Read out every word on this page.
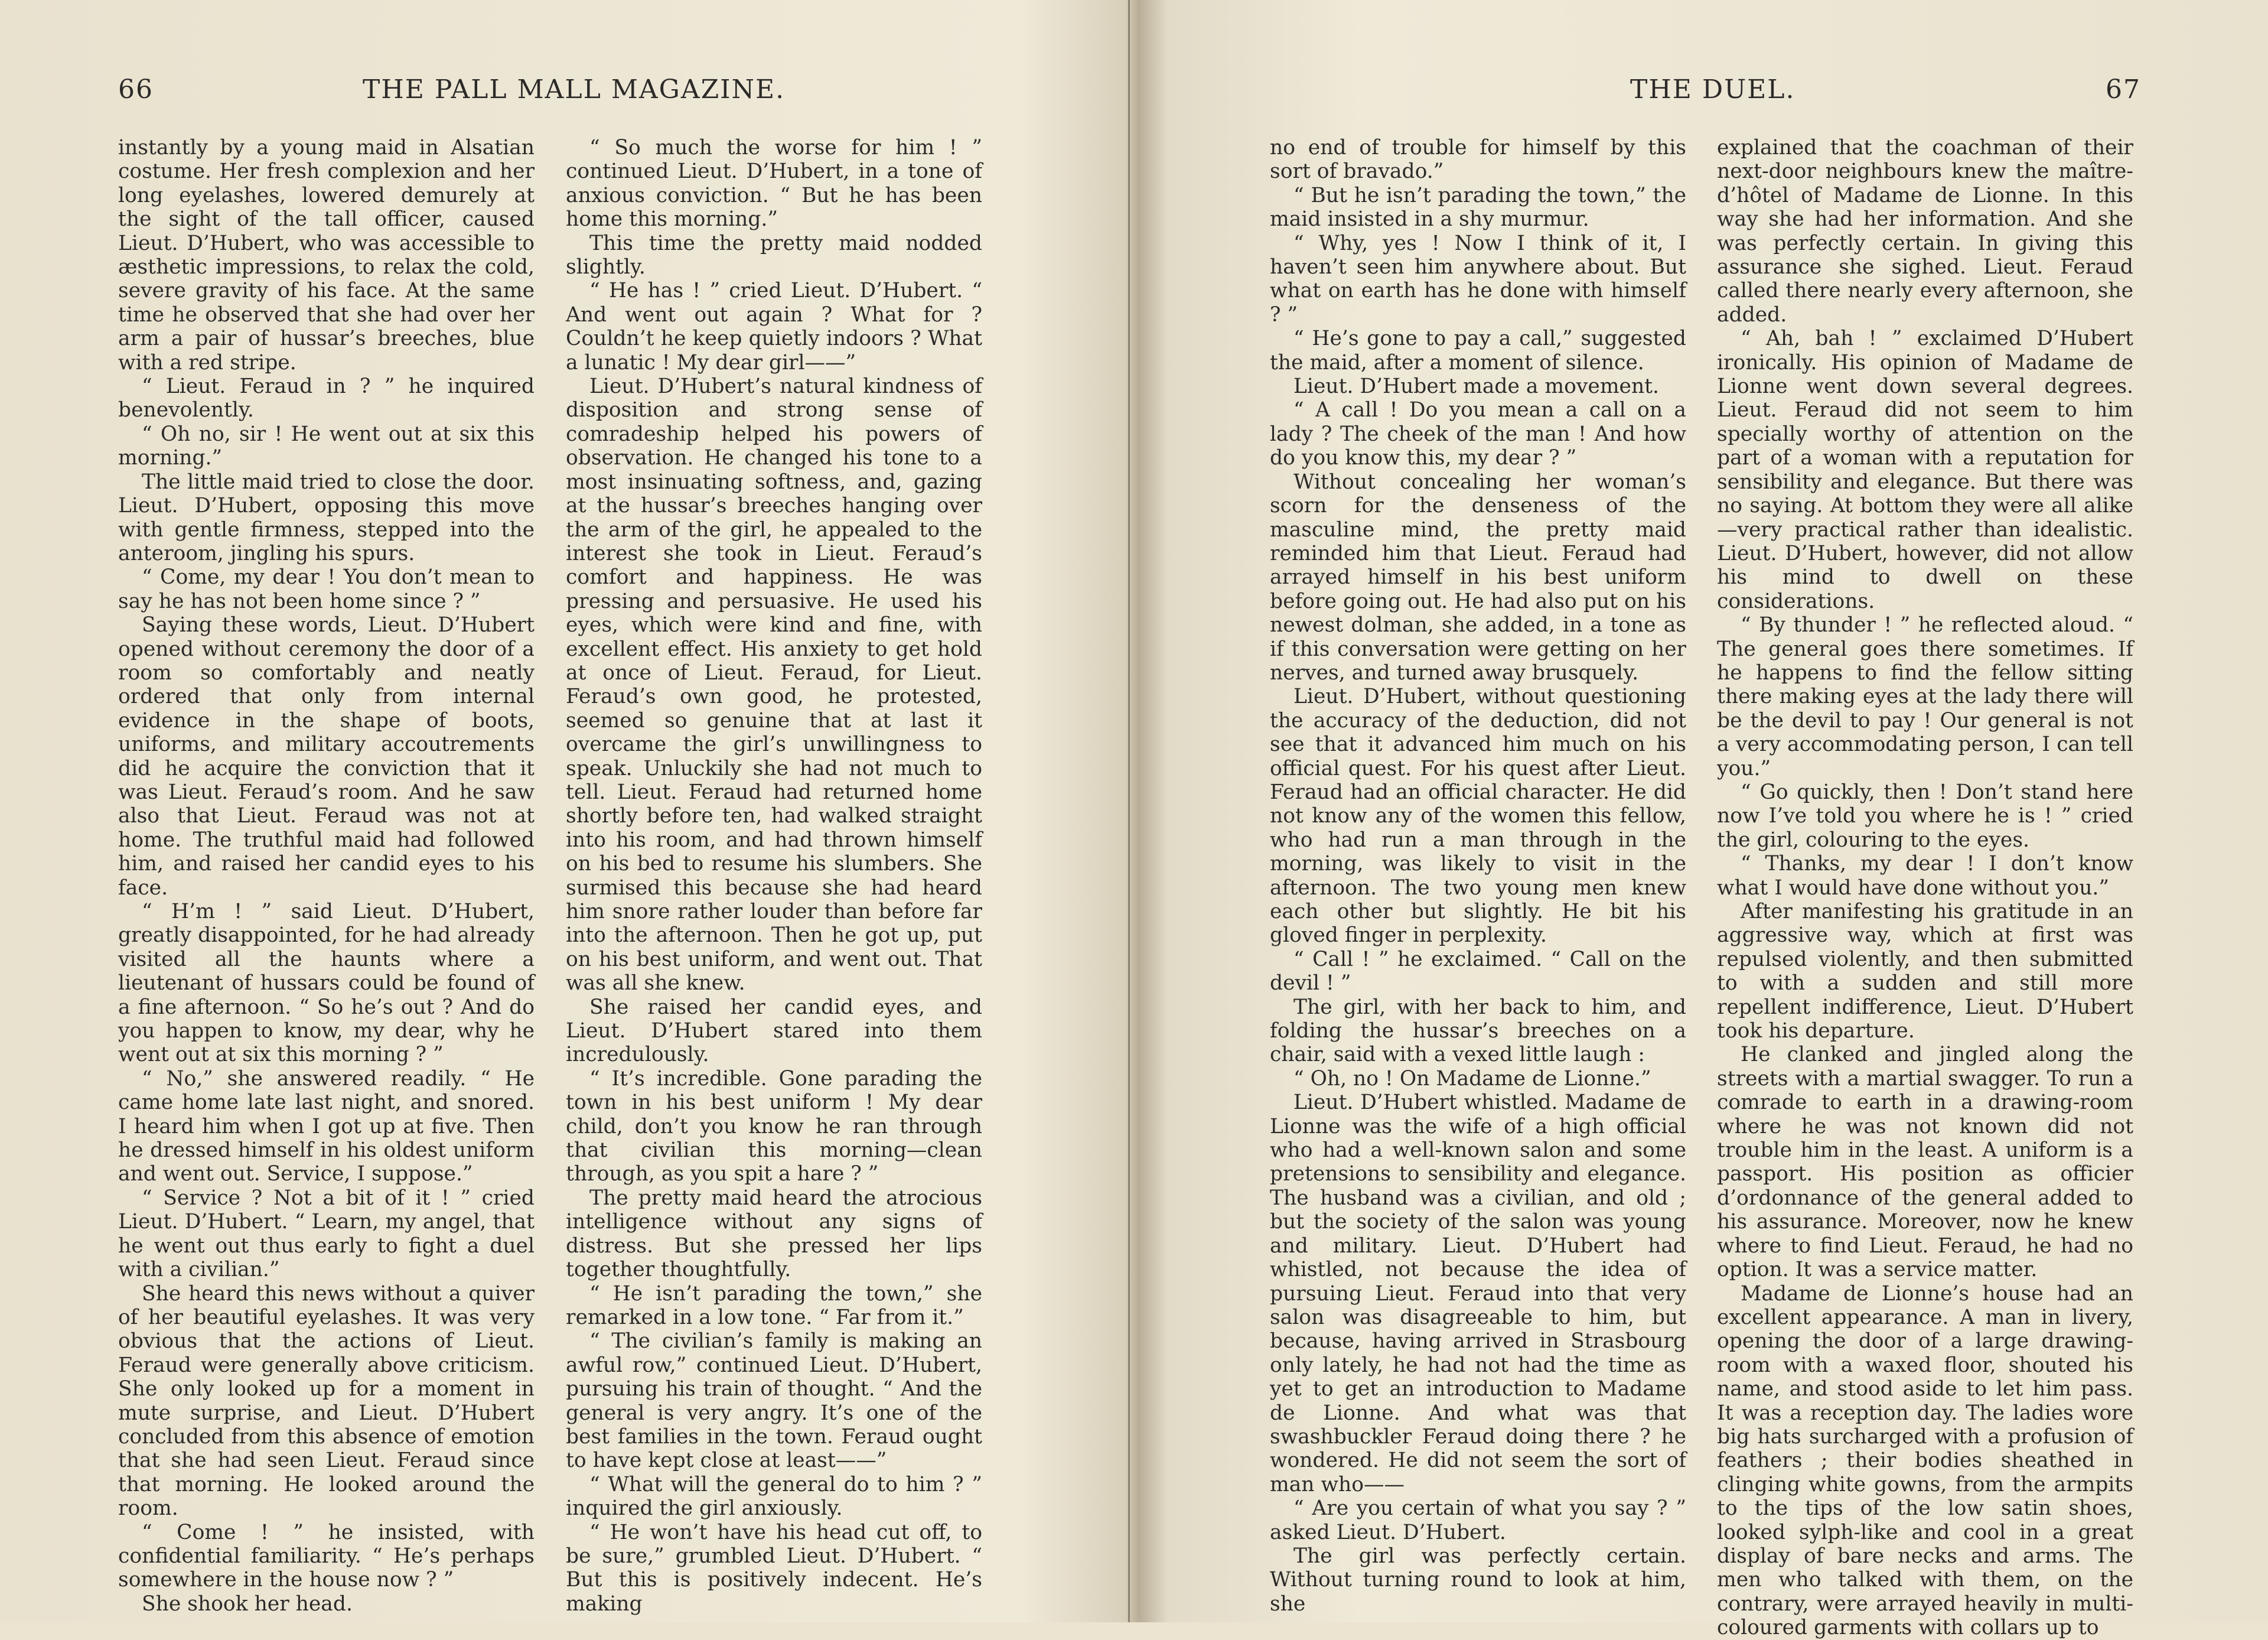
66	THE PALL MALL MAGAZINE.

instantly by a young maid in Alsatian costume. Her fresh complexion and her long eyelashes, lowered demurely at the sight of the tall officer, caused Lieut. D’Hubert, who was accessible to æsthetic impressions, to relax the cold, severe gravity of his face. At the same time he observed that she had over her arm a pair of hussar’s breeches, blue with a red stripe.

“ Lieut. Feraud in ? ” he inquired benevolently.

“ Oh no, sir ! He went out at six this morning.”

The little maid tried to close the door. Lieut. D’Hubert, opposing this move with gentle firmness, stepped into the anteroom, jingling his spurs.

“ Come, my dear ! You don’t mean to say he has not been home since ? ”

Saying these words, Lieut. D’Hubert opened without ceremony the door of a room so comfortably and neatly ordered that only from internal evidence in the shape of boots, uniforms, and military accoutrements did he acquire the conviction that it was Lieut. Feraud’s room. And he saw also that Lieut. Feraud was not at home. The truthful maid had followed him, and raised her candid eyes to his face.

“ H’m ! ” said Lieut. D’Hubert, greatly disappointed, for he had already visited all the haunts where a lieutenant of hussars could be found of a fine afternoon. “ So he’s out ? And do you happen to know, my dear, why he went out at six this morning ? ”

“ No,” she answered readily. “ He came home late last night, and snored. I heard him when I got up at five. Then he dressed himself in his oldest uniform and went out. Service, I suppose.”

“ Service ? Not a bit of it ! ” cried Lieut. D’Hubert. “ Learn, my angel, that he went out thus early to fight a duel with a civilian.”

She heard this news without a quiver of her beautiful eyelashes. It was very obvious that the actions of Lieut. Feraud were generally above criticism. She only looked up for a moment in mute surprise, and Lieut. D’Hubert concluded from this absence of emotion that she had seen Lieut. Feraud since that morning. He looked around the room.

“ Come ! ” he insisted, with confidential familiarity. “ He’s perhaps somewhere in the house now ? ”

She shook her head.

“ So much the worse for him ! ” continued Lieut. D’Hubert, in a tone of anxious conviction. “ But he has been home this morning.”

This time the pretty maid nodded slightly.

“ He has ! ” cried Lieut. D’Hubert. “ And went out again ? What for ? Couldn’t he keep quietly indoors ? What a lunatic ! My dear girl——”

Lieut. D’Hubert’s natural kindness of disposition and strong sense of comradeship helped his powers of observation. He changed his tone to a most insinuating softness, and, gazing at the hussar’s breeches hanging over the arm of the girl, he appealed to the interest she took in Lieut. Feraud’s comfort and happiness. He was pressing and persuasive. He used his eyes, which were kind and fine, with excellent effect. His anxiety to get hold at once of Lieut. Feraud, for Lieut. Feraud’s own good, he protested, seemed so genuine that at last it overcame the girl’s unwillingness to speak. Unluckily she had not much to tell. Lieut. Feraud had returned home shortly before ten, had walked straight into his room, and had thrown himself on his bed to resume his slumbers. She surmised this because she had heard him snore rather louder than before far into the afternoon. Then he got up, put on his best uniform, and went out. That was all she knew.

She raised her candid eyes, and Lieut. D’Hubert stared into them incredulously.

“ It’s incredible. Gone parading the town in his best uniform ! My dear child, don’t you know he ran through that civilian this morning—clean through, as you spit a hare ? ”

The pretty maid heard the atrocious intelligence without any signs of distress. But she pressed her lips together thoughtfully.

“ He isn’t parading the town,” she remarked in a low tone. “ Far from it.”

“ The civilian’s family is making an awful row,” continued Lieut. D’Hubert, pursuing his train of thought. “ And the general is very angry. It’s one of the best families in the town. Feraud ought to have kept close at least——”

“ What will the general do to him ? ” inquired the girl anxiously.

“ He won’t have his head cut off, to be sure,” grumbled Lieut. D’Hubert. “ But this is positively indecent. He’s making

THE DUEL.	67

no end of trouble for himself by this sort of bravado.”

“ But he isn’t parading the town,” the maid insisted in a shy murmur.

“ Why, yes ! Now I think of it, I haven’t seen him anywhere about. But what on earth has he done with himself ? ”

“ He’s gone to pay a call,” suggested the maid, after a moment of silence.

Lieut. D’Hubert made a movement.

“ A call ! Do you mean a call on a lady ? The cheek of the man ! And how do you know this, my dear ? ”

Without concealing her woman’s scorn for the denseness of the masculine mind, the pretty maid reminded him that Lieut. Feraud had arrayed himself in his best uniform before going out. He had also put on his newest dolman, she added, in a tone as if this conversation were getting on her nerves, and turned away brusquely.

Lieut. D’Hubert, without questioning the accuracy of the deduction, did not see that it advanced him much on his official quest. For his quest after Lieut. Feraud had an official character. He did not know any of the women this fellow, who had run a man through in the morning, was likely to visit in the afternoon. The two young men knew each other but slightly. He bit his gloved finger in perplexity.

“ Call ! ” he exclaimed. “ Call on the devil ! ”

The girl, with her back to him, and folding the hussar’s breeches on a chair, said with a vexed little laugh :

“ Oh, no ! On Madame de Lionne.”

Lieut. D’Hubert whistled. Madame de Lionne was the wife of a high official who had a well-known salon and some pretensions to sensibility and elegance. The husband was a civilian, and old ; but the society of the salon was young and military. Lieut. D’Hubert had whistled, not because the idea of pursuing Lieut. Feraud into that very salon was disagreeable to him, but because, having arrived in Strasbourg only lately, he had not had the time as yet to get an introduction to Madame de Lionne. And what was that swashbuckler Feraud doing there ? he wondered. He did not seem the sort of man who——

“ Are you certain of what you say ? ” asked Lieut. D’Hubert.

The girl was perfectly certain. Without turning round to look at him, she

explained that the coachman of their next-door neighbours knew the maître-d’hôtel of Madame de Lionne. In this way she had her information. And she was perfectly certain. In giving this assurance she sighed. Lieut. Feraud called there nearly every afternoon, she added.

“ Ah, bah ! ” exclaimed D’Hubert ironically. His opinion of Madame de Lionne went down several degrees. Lieut. Feraud did not seem to him specially worthy of attention on the part of a woman with a reputation for sensibility and elegance. But there was no saying. At bottom they were all alike—very practical rather than idealistic. Lieut. D’Hubert, however, did not allow his mind to dwell on these considerations.

“ By thunder ! ” he reflected aloud. “ The general goes there sometimes. If he happens to find the fellow sitting there making eyes at the lady there will be the devil to pay ! Our general is not a very accommodating person, I can tell you.”

“ Go quickly, then ! Don’t stand here now I’ve told you where he is ! ” cried the girl, colouring to the eyes.

“ Thanks, my dear ! I don’t know what I would have done without you.”

After manifesting his gratitude in an aggressive way, which at first was repulsed violently, and then submitted to with a sudden and still more repellent indifference, Lieut. D’Hubert took his departure.

He clanked and jingled along the streets with a martial swagger. To run a comrade to earth in a drawing-room where he was not known did not trouble him in the least. A uniform is a passport. His position as officier d’ordonnance of the general added to his assurance. Moreover, now he knew where to find Lieut. Feraud, he had no option. It was a service matter.

Madame de Lionne’s house had an excellent appearance. A man in livery, opening the door of a large drawing-room with a waxed floor, shouted his name, and stood aside to let him pass. It was a reception day. The ladies wore big hats surcharged with a profusion of feathers ; their bodies sheathed in clinging white gowns, from the armpits to the tips of the low satin shoes, looked sylph-like and cool in a great display of bare necks and arms. The men who talked with them, on the contrary, were arrayed heavily in multi-coloured garments with collars up to
